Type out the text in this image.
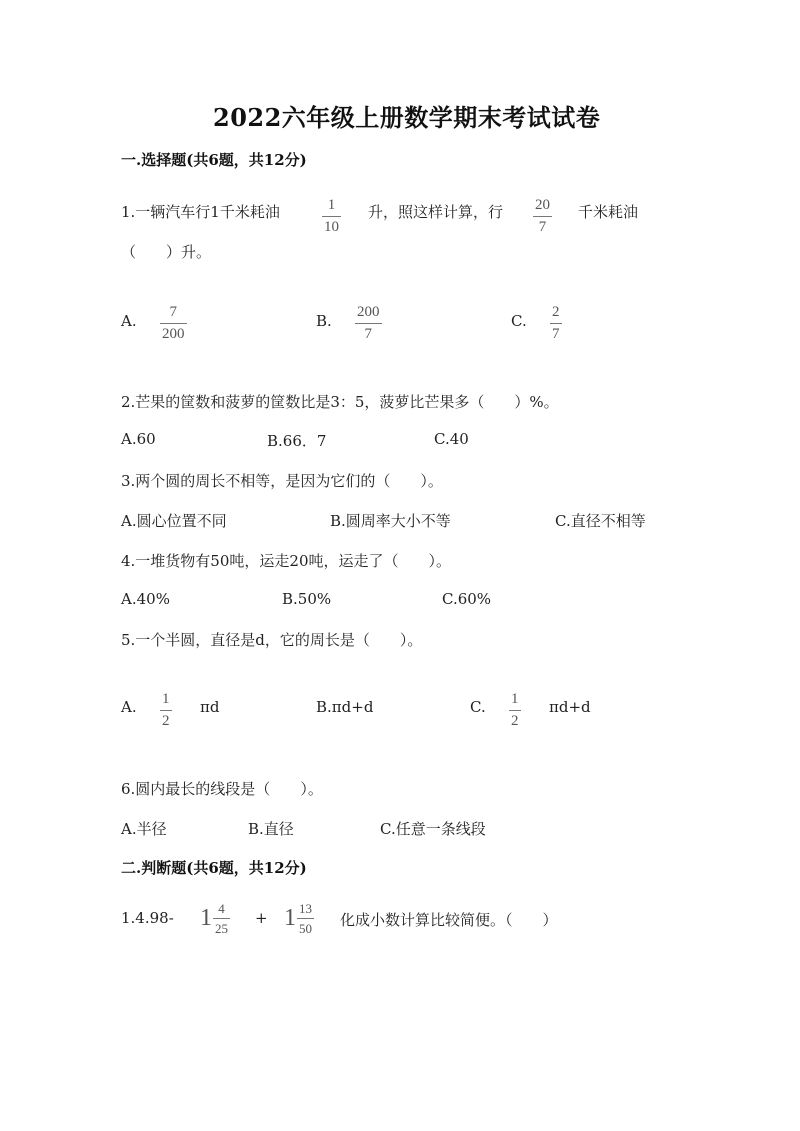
2022六年级上册数学期末考试试卷
一.选择题(共6题，共12分)
1.一辆汽车行1千米耗油	1
10
升，照这样计算，行 20
7
千米耗油
（　　）升。
A. 7
200
B. 200
7
C. 2
7
2.芒果的筐数和菠萝的筐数比是3：5，菠萝比芒果多（　　）%。
A.60	B.66．7	C.40
3.两个圆的周长不相等，是因为它们的（　　）。
A.圆心位置不同	B.圆周率大小不等	C.直径不相等
4.一堆货物有50吨，运走20吨，运走了（　　）。
A.40%	B.50%	C.60%
5.一个半圆，直径是d，它的周长是（　　）。
A. 1
2
πd	B.πd+d	C. 1
2
πd+d
6.圆内最长的线段是（　　）。
A.半径	B.直径	C.任意一条线段
二.判断题(共6题，共12分)
1.4.98- $1 \frac{4}{25} + 1 \frac{13}{50}$ 化成小数计算比较简便。（　　）
